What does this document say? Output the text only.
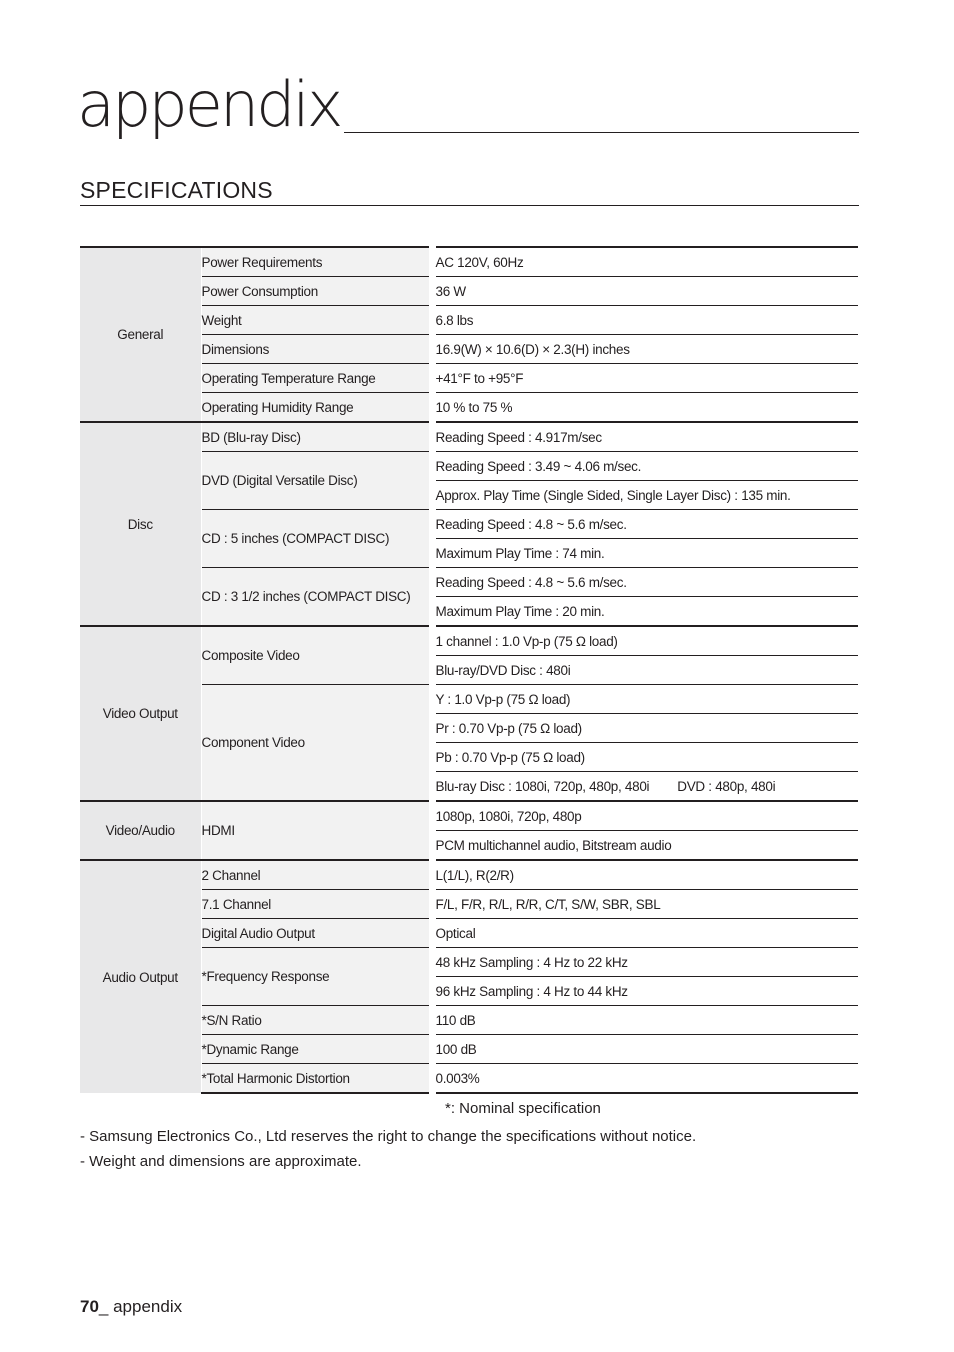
appendix
SPECIFICATIONS
General	Power Requirements	AC 120V, 60Hz
	Power Consumption	36 W
	Weight	6.8 lbs
	Dimensions	16.9(W) × 10.6(D) × 2.3(H) inches
	Operating Temperature Range	+41°F to +95°F
	Operating Humidity Range	10 % to 75 %
Disc	BD (Blu-ray Disc)	Reading Speed : 4.917m/sec
	DVD (Digital Versatile Disc)	Reading Speed : 3.49 ~ 4.06 m/sec.
		Approx. Play Time (Single Sided, Single Layer Disc) : 135 min.
	CD : 5 inches (COMPACT DISC)	Reading Speed : 4.8 ~ 5.6 m/sec.
		Maximum Play Time : 74 min.
	CD : 3 1/2 inches (COMPACT DISC)	Reading Speed : 4.8 ~ 5.6 m/sec.
		Maximum Play Time : 20 min.
Video Output	Composite Video	1 channel : 1.0 Vp-p (75 Ω load)
		Blu-ray/DVD Disc : 480i
	Component Video	Y : 1.0 Vp-p (75 Ω load)
		Pr : 0.70 Vp-p (75 Ω load)
		Pb : 0.70 Vp-p (75 Ω load)
		Blu-ray Disc : 1080i, 720p, 480p, 480i DVD : 480p, 480i
Video/Audio	HDMI	1080p, 1080i, 720p, 480p
		PCM multichannel audio, Bitstream audio
Audio Output	2 Channel	L(1/L), R(2/R)
	7.1 Channel	F/L, F/R, R/L, R/R, C/T, S/W, SBR, SBL
	Digital Audio Output	Optical
	*Frequency Response	48 kHz Sampling : 4 Hz to 22 kHz
		96 kHz Sampling : 4 Hz to 44 kHz
	*S/N Ratio	110 dB
	*Dynamic Range	100 dB
	*Total Harmonic Distortion	0.003%
*: Nominal specification
- Samsung Electronics Co., Ltd reserves the right to change the specifications without notice.
- Weight and dimensions are approximate.
70_ appendix
